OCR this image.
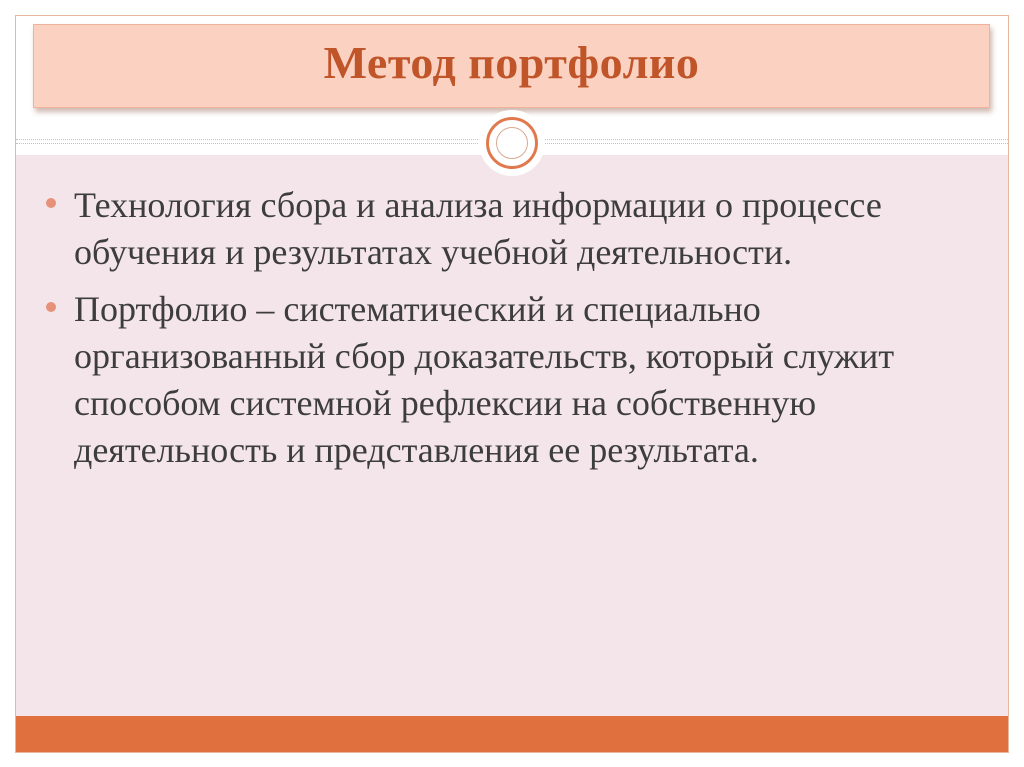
Метод портфолио
Технология сбора и анализа информации о процессе обучения и результатах учебной деятельности.
Портфолио – систематический и специально организованный сбор доказательств, который служит способом системной рефлексии на собственную деятельность и представления ее результата.
